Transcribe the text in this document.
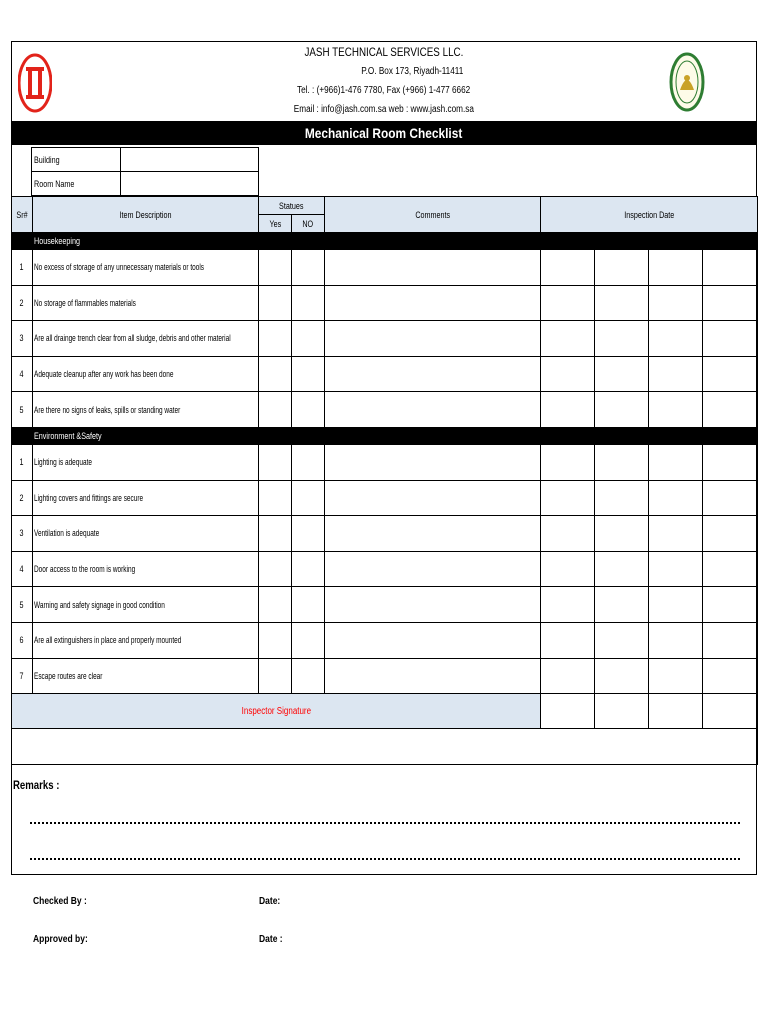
JASH TECHNICAL SERVICES LLC.
P.O. Box 173, Riyadh-11411
Tel. : (+966)1-476 7780, Fax (+966) 1-477 6662
Email : info@jash.com.sa web : www.jash.com.sa
Mechanical Room Checklist
Building	
Room Name	
Sr#	Item Description	Statues		Comments	Inspection Date			
		Yes	NO					
Housekeeping								
1	No excess of storage of any unnecessary materials or tools							
2	No storage of flammables materials							
3	Are all drainge trench clear from all sludge, debris and other material							
4	Adequate cleanup after any work has been done							
5	Are there no signs of leaks, spills or standing water							
Environment &Safety								
1	Lighting is adequate							
2	Lighting covers and fittings are secure							
3	Ventilation is adequate							
4	Door access to the room is working							
5	Warning and safety signage in good condition							
6	Are all extinguishers in place and properly mounted							
7	Escape routes are clear							
Inspector Signature								

Remarks :
Checked By :	Date:
Approved by:	Date :
